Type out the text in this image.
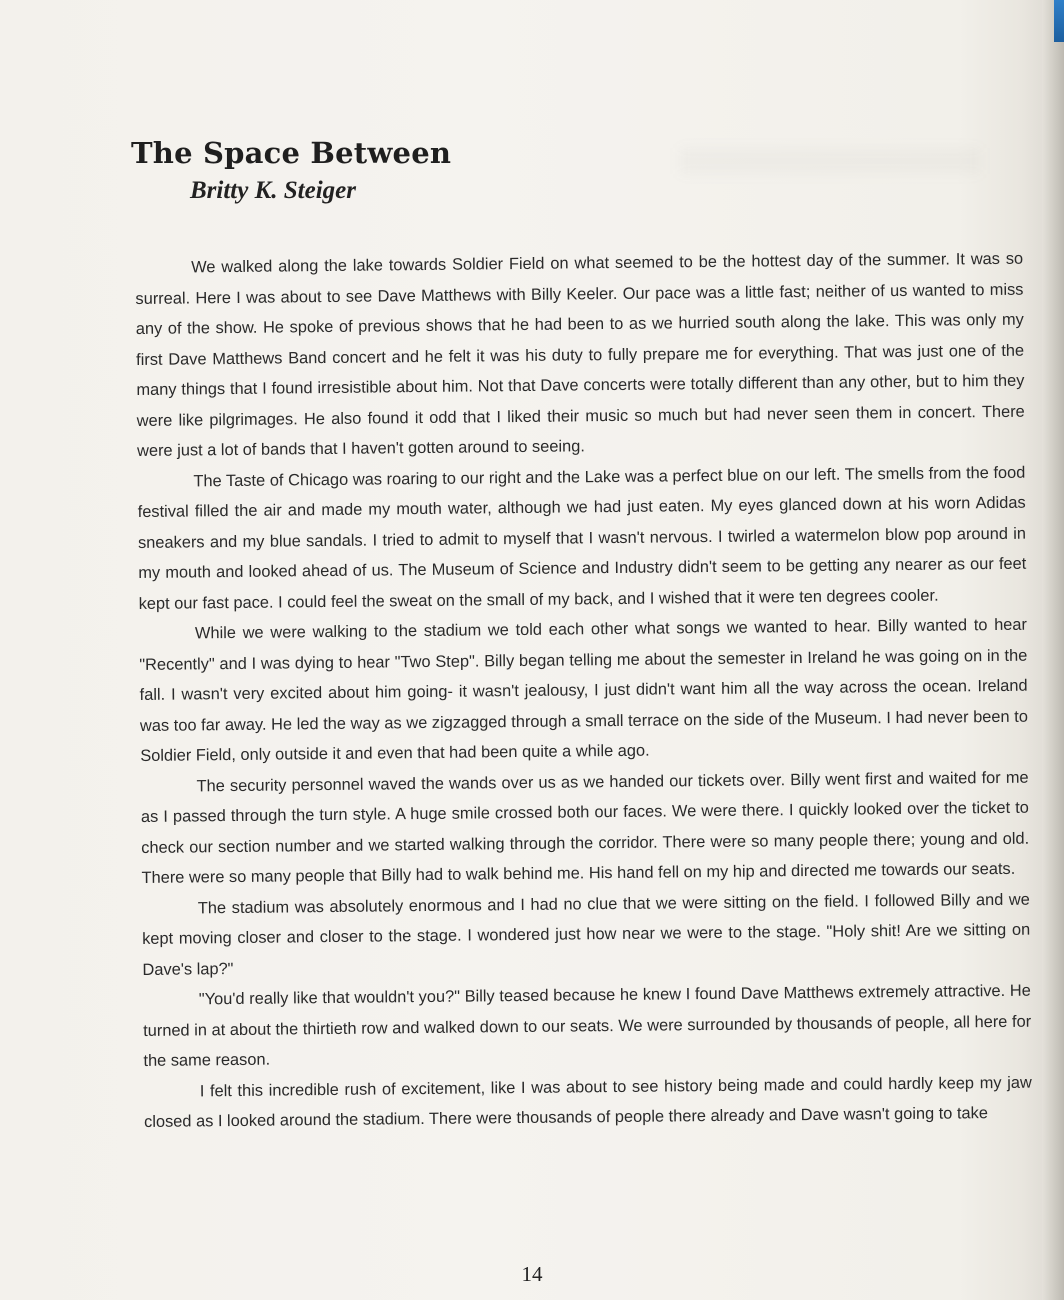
The Space Between
Britty K. Steiger

We walked along the lake towards Soldier Field on what seemed to be the hottest day of the summer. It was so surreal. Here I was about to see Dave Matthews with Billy Keeler. Our pace was a little fast; neither of us wanted to miss any of the show. He spoke of previous shows that he had been to as we hurried south along the lake. This was only my first Dave Matthews Band concert and he felt it was his duty to fully prepare me for everything. That was just one of the many things that I found irresistible about him. Not that Dave concerts were totally different than any other, but to him they were like pilgrimages. He also found it odd that I liked their music so much but had never seen them in concert. There were just a lot of bands that I haven't gotten around to seeing.

The Taste of Chicago was roaring to our right and the Lake was a perfect blue on our left. The smells from the food festival filled the air and made my mouth water, although we had just eaten. My eyes glanced down at his worn Adidas sneakers and my blue sandals. I tried to admit to myself that I wasn't nervous. I twirled a watermelon blow pop around in my mouth and looked ahead of us. The Museum of Science and Industry didn't seem to be getting any nearer as our feet kept our fast pace. I could feel the sweat on the small of my back, and I wished that it were ten degrees cooler.

While we were walking to the stadium we told each other what songs we wanted to hear. Billy wanted to hear "Recently" and I was dying to hear "Two Step". Billy began telling me about the semester in Ireland he was going on in the fall. I wasn't very excited about him going- it wasn't jealousy, I just didn't want him all the way across the ocean. Ireland was too far away. He led the way as we zigzagged through a small terrace on the side of the Museum. I had never been to Soldier Field, only outside it and even that had been quite a while ago.

The security personnel waved the wands over us as we handed our tickets over. Billy went first and waited for me as I passed through the turn style. A huge smile crossed both our faces. We were there. I quickly looked over the ticket to check our section number and we started walking through the corridor. There were so many people there; young and old. There were so many people that Billy had to walk behind me. His hand fell on my hip and directed me towards our seats.

The stadium was absolutely enormous and I had no clue that we were sitting on the field. I followed Billy and we kept moving closer and closer to the stage. I wondered just how near we were to the stage. "Holy shit! Are we sitting on Dave's lap?"

"You'd really like that wouldn't you?" Billy teased because he knew I found Dave Matthews extremely attractive. He turned in at about the thirtieth row and walked down to our seats. We were surrounded by thousands of people, all here for the same reason.

I felt this incredible rush of excitement, like I was about to see history being made and could hardly keep my jaw closed as I looked around the stadium. There were thousands of people there already and Dave wasn't going to take

14
